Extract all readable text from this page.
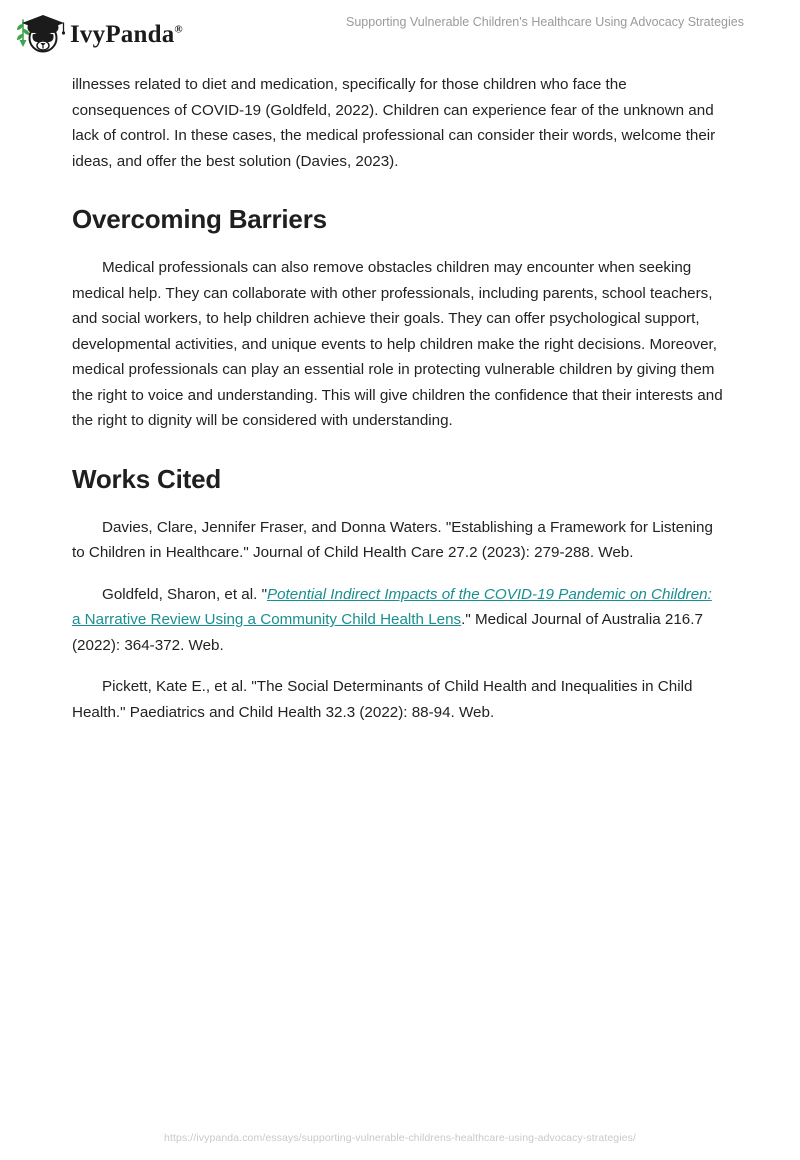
IvyPanda®
Supporting Vulnerable Children's Healthcare Using Advocacy Strategies

illnesses related to diet and medication, specifically for those children who face the consequences of COVID-19 (Goldfeld, 2022). Children can experience fear of the unknown and lack of control. In these cases, the medical professional can consider their words, welcome their ideas, and offer the best solution (Davies, 2023).

Overcoming Barriers

Medical professionals can also remove obstacles children may encounter when seeking medical help. They can collaborate with other professionals, including parents, school teachers, and social workers, to help children achieve their goals. They can offer psychological support, developmental activities, and unique events to help children make the right decisions. Moreover, medical professionals can play an essential role in protecting vulnerable children by giving them the right to voice and understanding. This will give children the confidence that their interests and the right to dignity will be considered with understanding.

Works Cited

Davies, Clare, Jennifer Fraser, and Donna Waters. "Establishing a Framework for Listening to Children in Healthcare." Journal of Child Health Care 27.2 (2023): 279-288. Web.

Goldfeld, Sharon, et al. "Potential Indirect Impacts of the COVID-19 Pandemic on Children: a Narrative Review Using a Community Child Health Lens." Medical Journal of Australia 216.7 (2022): 364-372. Web.

Pickett, Kate E., et al. "The Social Determinants of Child Health and Inequalities in Child Health." Paediatrics and Child Health 32.3 (2022): 88-94. Web.

https://ivypanda.com/essays/supporting-vulnerable-childrens-healthcare-using-advocacy-strategies/
